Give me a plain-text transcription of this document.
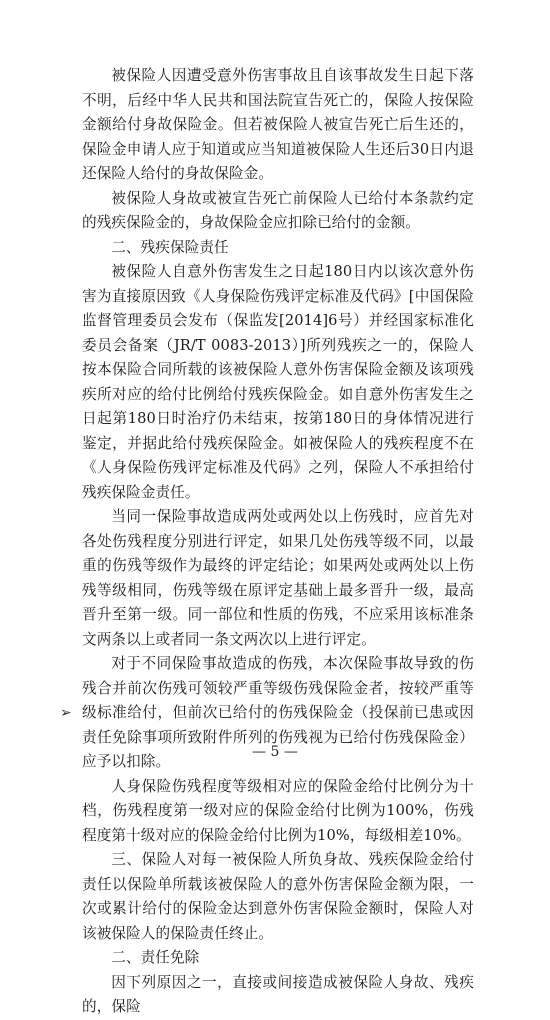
被保险人因遭受意外伤害事故且自该事故发生日起下落不明，后经中华人民共和国法院宣告死亡的，保险人按保险金额给付身故保险金。但若被保险人被宣告死亡后生还的，保险金申请人应于知道或应当知道被保险人生还后30日内退还保险人给付的身故保险金。

被保险人身故或被宣告死亡前保险人已给付本条款约定的残疾保险金的，身故保险金应扣除已给付的金额。

二、残疾保险责任

被保险人自意外伤害发生之日起180日内以该次意外伤害为直接原因致《人身保险伤残评定标准及代码》[中国保险监督管理委员会发布（保监发[2014]6号）并经国家标准化委员会备案（JR/T 0083-2013）]所列残疾之一的，保险人按本保险合同所载的该被保险人意外伤害保险金额及该项残疾所对应的给付比例给付残疾保险金。如自意外伤害发生之日起第180日时治疗仍未结束，按第180日的身体情况进行鉴定，并据此给付残疾保险金。如被保险人的残疾程度不在《人身保险伤残评定标准及代码》之列，保险人不承担给付残疾保险金责任。

当同一保险事故造成两处或两处以上伤残时，应首先对各处伤残程度分别进行评定，如果几处伤残等级不同，以最重的伤残等级作为最终的评定结论；如果两处或两处以上伤残等级相同，伤残等级在原评定基础上最多晋升一级，最高晋升至第一级。同一部位和性质的伤残，不应采用该标准条文两条以上或者同一条文两次以上进行评定。

对于不同保险事故造成的伤残，本次保险事故导致的伤残合并前次伤残可领较严重等级伤残保险金者，按较严重等级标准给付，但前次已给付的伤残保险金（投保前已患或因责任免除事项所致附件所列的伤残视为已给付伤残保险金）应予以扣除。

人身保险伤残程度等级相对应的保险金给付比例分为十档，伤残程度第一级对应的保险金给付比例为100%，伤残程度第十级对应的保险金给付比例为10%，每级相差10%。

三、保险人对每一被保险人所负身故、残疾保险金给付责任以保险单所载该被保险人的意外伤害保险金额为限，一次或累计给付的保险金达到意外伤害保险金额时，保险人对该被保险人的保险责任终止。

二、责任免除

因下列原因之一，直接或间接造成被保险人身故、残疾的，保险

➢
— 5 —
